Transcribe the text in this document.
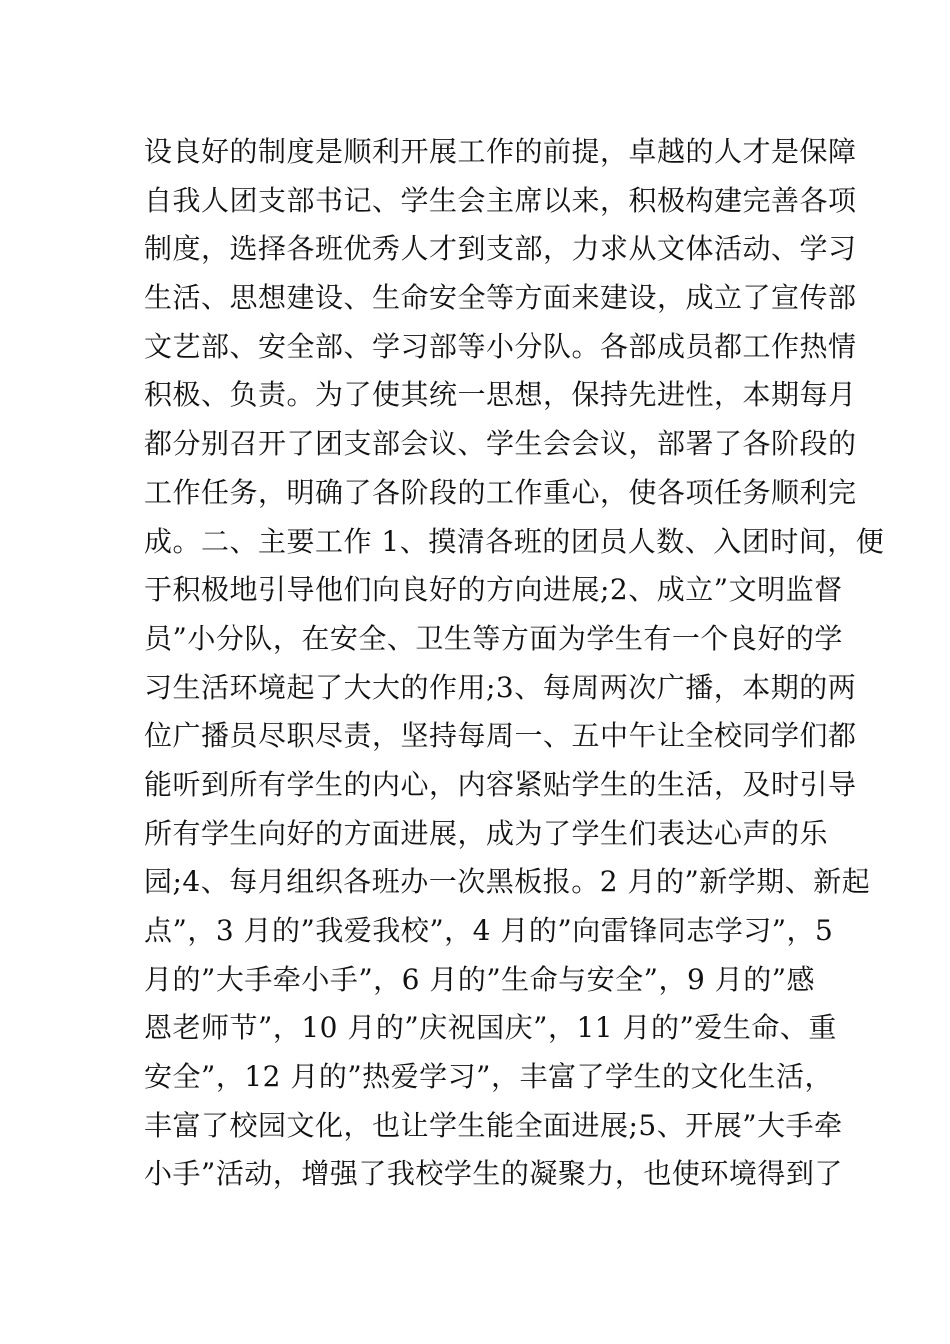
设良好的制度是顺利开展工作的前提，卓越的人才是保障
自我人团支部书记、学生会主席以来，积极构建完善各项
制度，选择各班优秀人才到支部，力求从文体活动、学习
生活、思想建设、生命安全等方面来建设，成立了宣传部
文艺部、安全部、学习部等小分队。各部成员都工作热情
积极、负责。为了使其统一思想，保持先进性，本期每月
都分别召开了团支部会议、学生会会议，部署了各阶段的
工作任务，明确了各阶段的工作重心，使各项任务顺利完
成。二、主要工作 1、摸清各班的团员人数、入团时间，便
于积极地引导他们向良好的方向进展;2、成立”文明监督
员”小分队，在安全、卫生等方面为学生有一个良好的学
习生活环境起了大大的作用;3、每周两次广播，本期的两
位广播员尽职尽责，坚持每周一、五中午让全校同学们都
能听到所有学生的内心，内容紧贴学生的生活，及时引导
所有学生向好的方面进展，成为了学生们表达心声的乐
园;4、每月组织各班办一次黑板报。2 月的”新学期、新起
点”，3 月的”我爱我校”，4 月的”向雷锋同志学习”，5
月的”大手牵小手”，6 月的”生命与安全”，9 月的”感
恩老师节”，10 月的”庆祝国庆”，11 月的”爱生命、重
安全”，12 月的”热爱学习”，丰富了学生的文化生活，
丰富了校园文化，也让学生能全面进展;5、开展”大手牵
小手”活动，增强了我校学生的凝聚力，也使环境得到了
